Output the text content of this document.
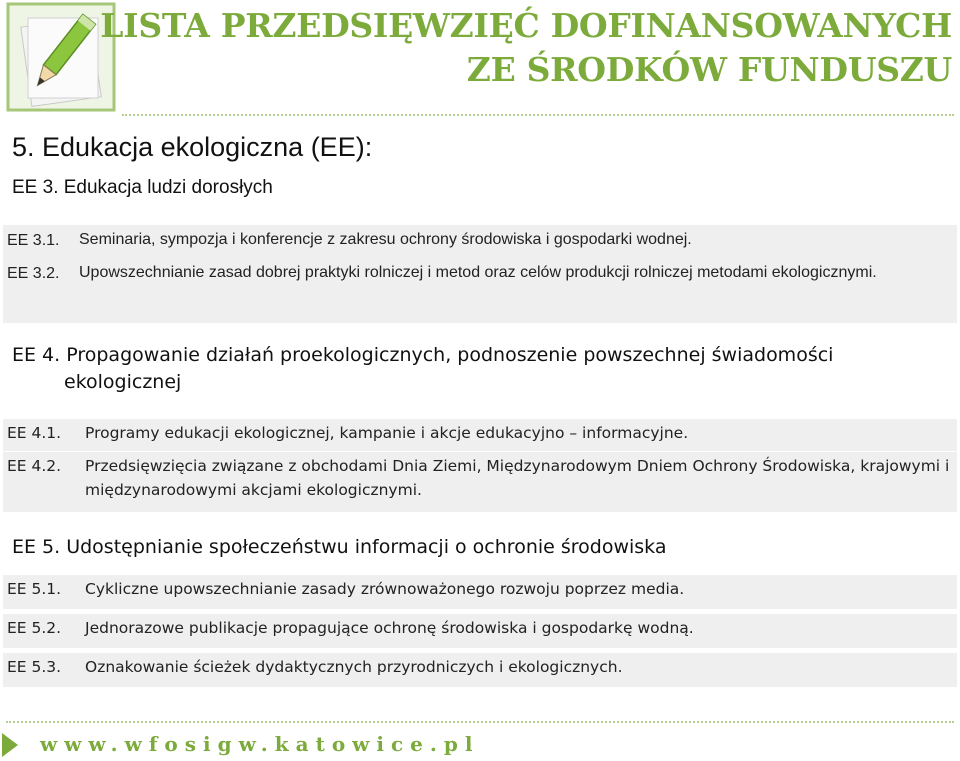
LISTA PRZEDSIĘWZIĘĆ DOFINANSOWANYCH
ZE ŚRODKÓW FUNDUSZU
5. Edukacja ekologiczna (EE):
EE 3. Edukacja ludzi dorosłych
EE 3.1.	Seminaria, sympozja i konferencje z zakresu ochrony środowiska i gospodarki wodnej.
EE 3.2.	Upowszechnianie zasad dobrej praktyki rolniczej i metod oraz celów produkcji rolniczej metodami ekologicznymi.
EE 4. Propagowanie działań proekologicznych, podnoszenie powszechnej świadomości
ekologicznej
EE 4.1.	Programy edukacji ekologicznej, kampanie i akcje edukacyjno – informacyjne.
EE 4.2.	Przedsięwzięcia związane z obchodami Dnia Ziemi, Międzynarodowym Dniem Ochrony Środowiska, krajowymi i międzynarodowymi akcjami ekologicznymi.
EE 5. Udostępnianie społeczeństwu informacji o ochronie środowiska
EE 5.1.	Cykliczne upowszechnianie zasady zrównoważonego rozwoju poprzez media.
EE 5.2.	Jednorazowe publikacje propagujące ochronę środowiska i gospodarkę wodną.
EE 5.3.	Oznakowanie ścieżek dydaktycznych przyrodniczych i ekologicznych.
www.wfosigw.katowice.pl
